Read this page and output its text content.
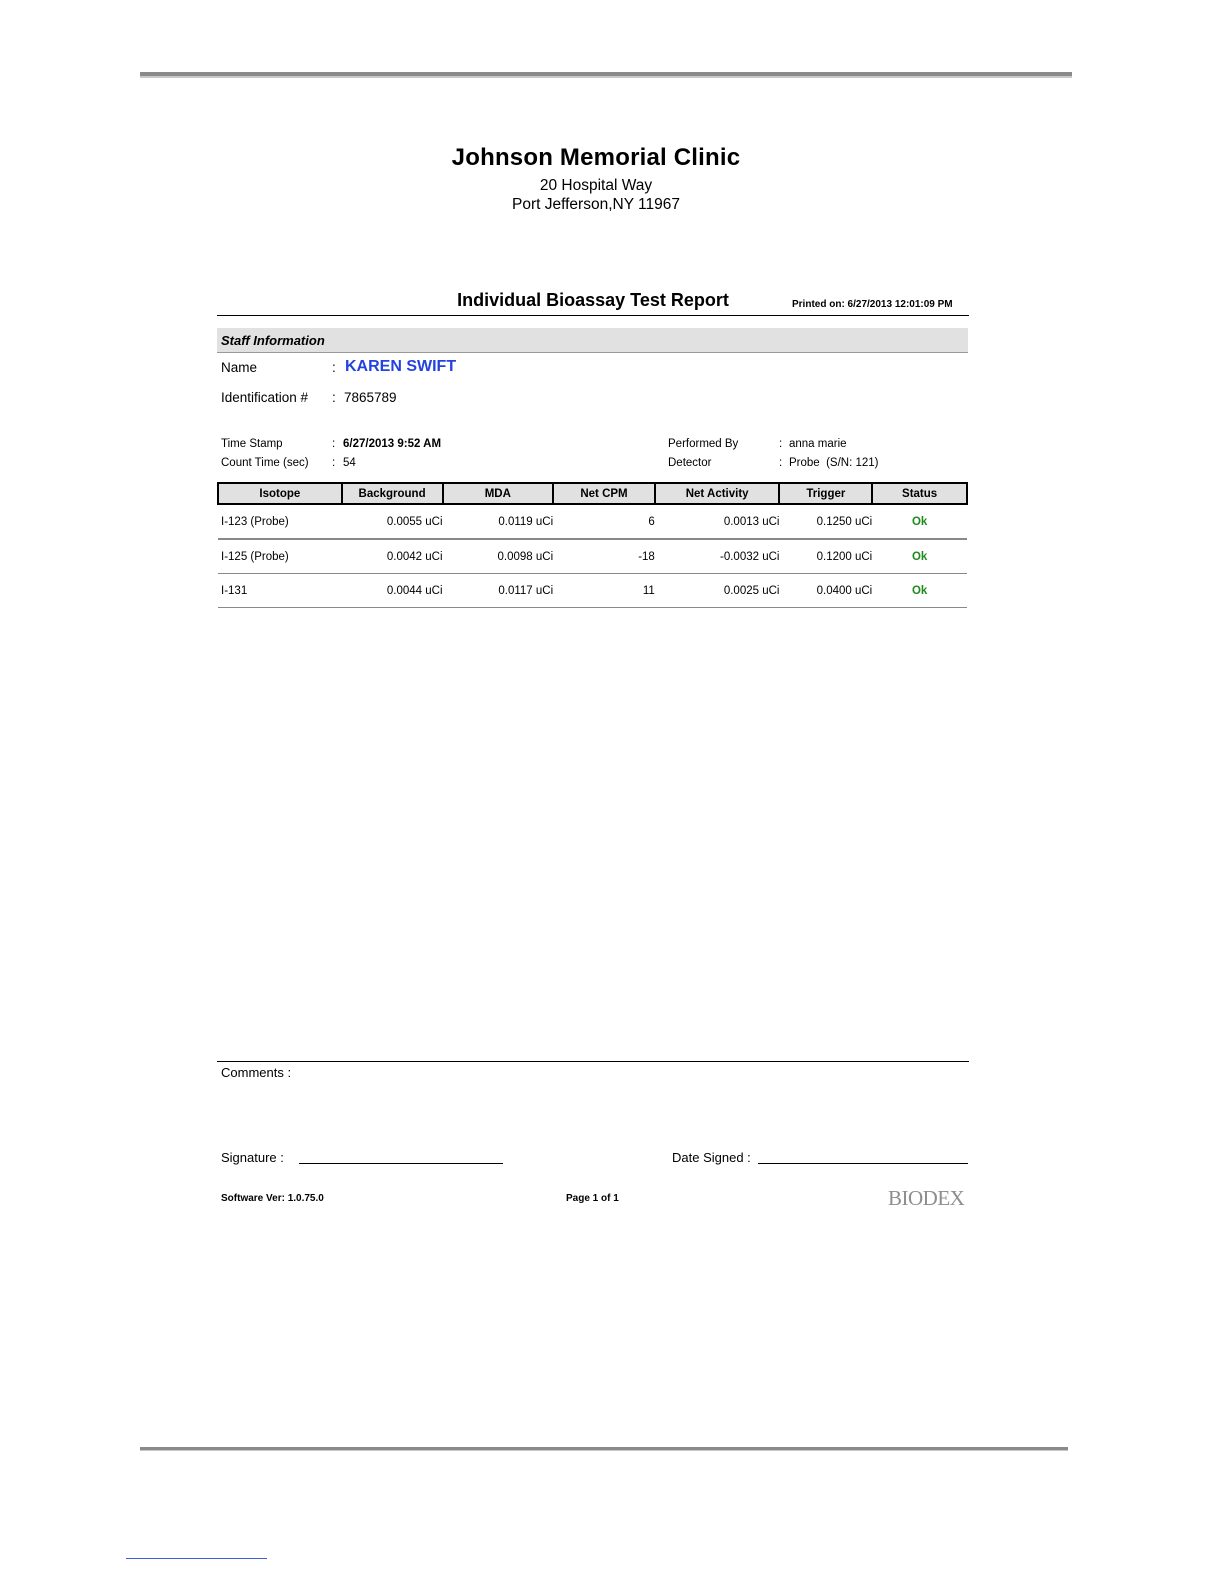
Johnson Memorial Clinic
20 Hospital Way
Port Jefferson,NY 11967
Individual Bioassay Test Report	Printed on: 6/27/2013 12:01:09 PM
Staff Information
Name	: KAREN SWIFT
Identification # : 7865789
Time Stamp	: 6/27/2013 9:52 AM
Count Time (sec) : 54
Performed By	: anna marie
Detector	: Probe  (S/N: 121)
Isotope	Background	MDA	Net CPM	Net Activity	Trigger	Status
I-123 (Probe)	0.0055 uCi	0.0119 uCi	6	0.0013 uCi	0.1250 uCi	Ok
I-125 (Probe)	0.0042 uCi	0.0098 uCi	-18	-0.0032 uCi	0.1200 uCi	Ok
I-131	0.0044 uCi	0.0117 uCi	11	0.0025 uCi	0.0400 uCi	Ok
Comments :
Signature :	Date Signed :
Software Ver: 1.0.75.0	Page 1 of 1	BIODEX
